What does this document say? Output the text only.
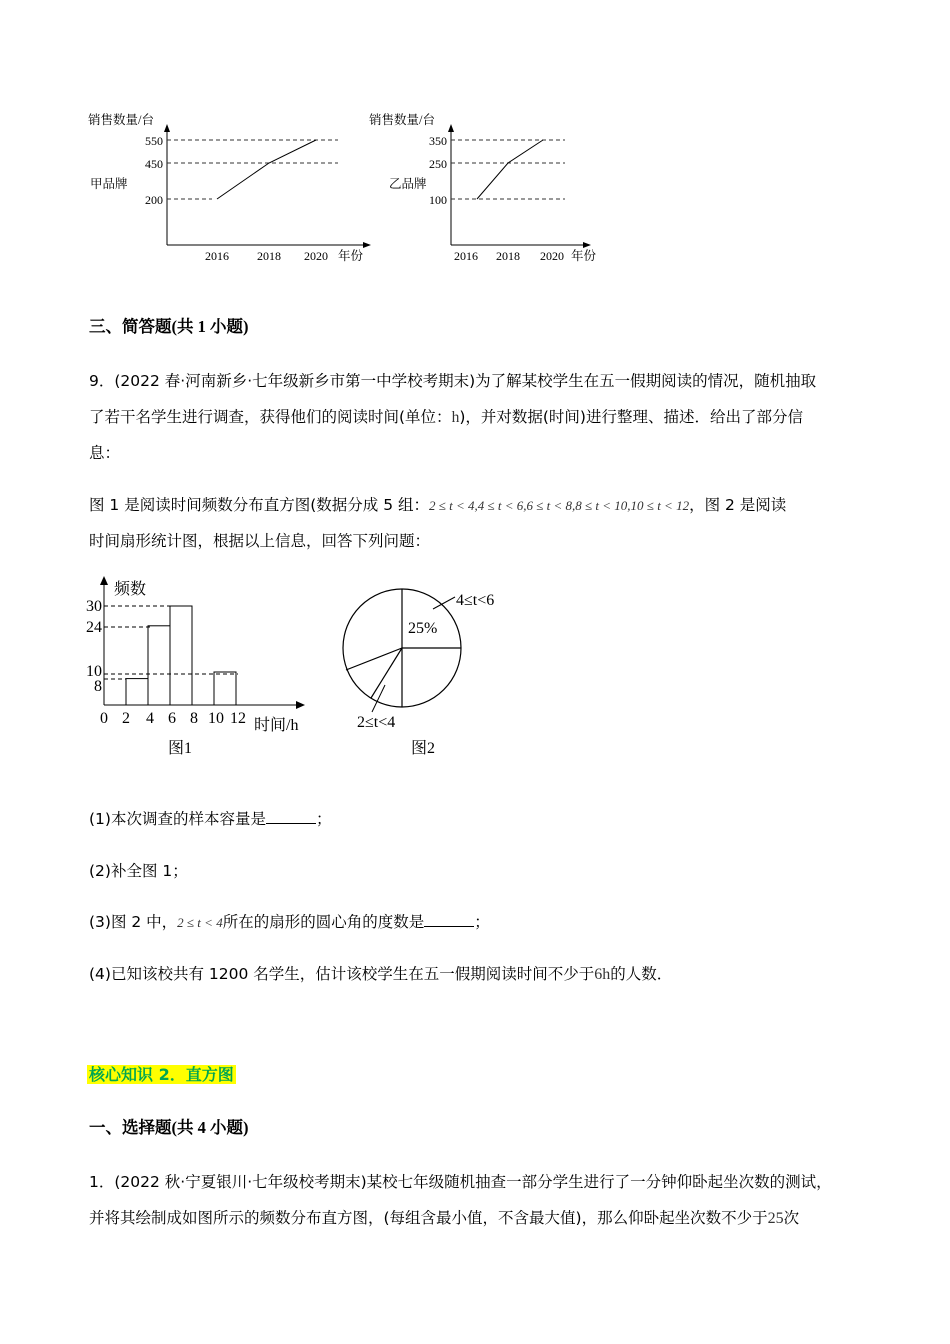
销售数量/台
550
450
200
甲品牌
2016 2018 2020 年份
销售数量/台
350
250
100
乙品牌
2016 2018 2020 年份
三、简答题(共 1 小题)
9．(2022 春·河南新乡·七年级新乡市第一中学校考期末)为了解某校学生在五一假期阅读的情况，随机抽取
了若干名学生进行调查，获得他们的阅读时间(单位：h)，并对数据(时间)进行整理、描述．给出了部分信
息：
图 1 是阅读时间频数分布直方图(数据分成 5 组：2 ≤ t < 4,4 ≤ t < 6,6 ≤ t < 8,8 ≤ t < 10,10 ≤ t < 12，图 2 是阅读
时间扇形统计图，根据以上信息，回答下列问题：
频数
30
24
10
8
0 2 4 6 8 10 12 时间/h
图1
4≤t<6
25%
2≤t<4
图2
(1)本次调查的样本容量是	；
(2)补全图 1；
(3)图 2 中，2 ≤ t < 4所在的扇形的圆心角的度数是	；
(4)已知该校共有 1200 名学生，估计该校学生在五一假期阅读时间不少于6h的人数．
核心知识 2．直方图
一、选择题(共 4 小题)
1．(2022 秋·宁夏银川·七年级校考期末)某校七年级随机抽查一部分学生进行了一分钟仰卧起坐次数的测试，
并将其绘制成如图所示的频数分布直方图，(每组含最小值，不含最大值)，那么仰卧起坐次数不少于25次
